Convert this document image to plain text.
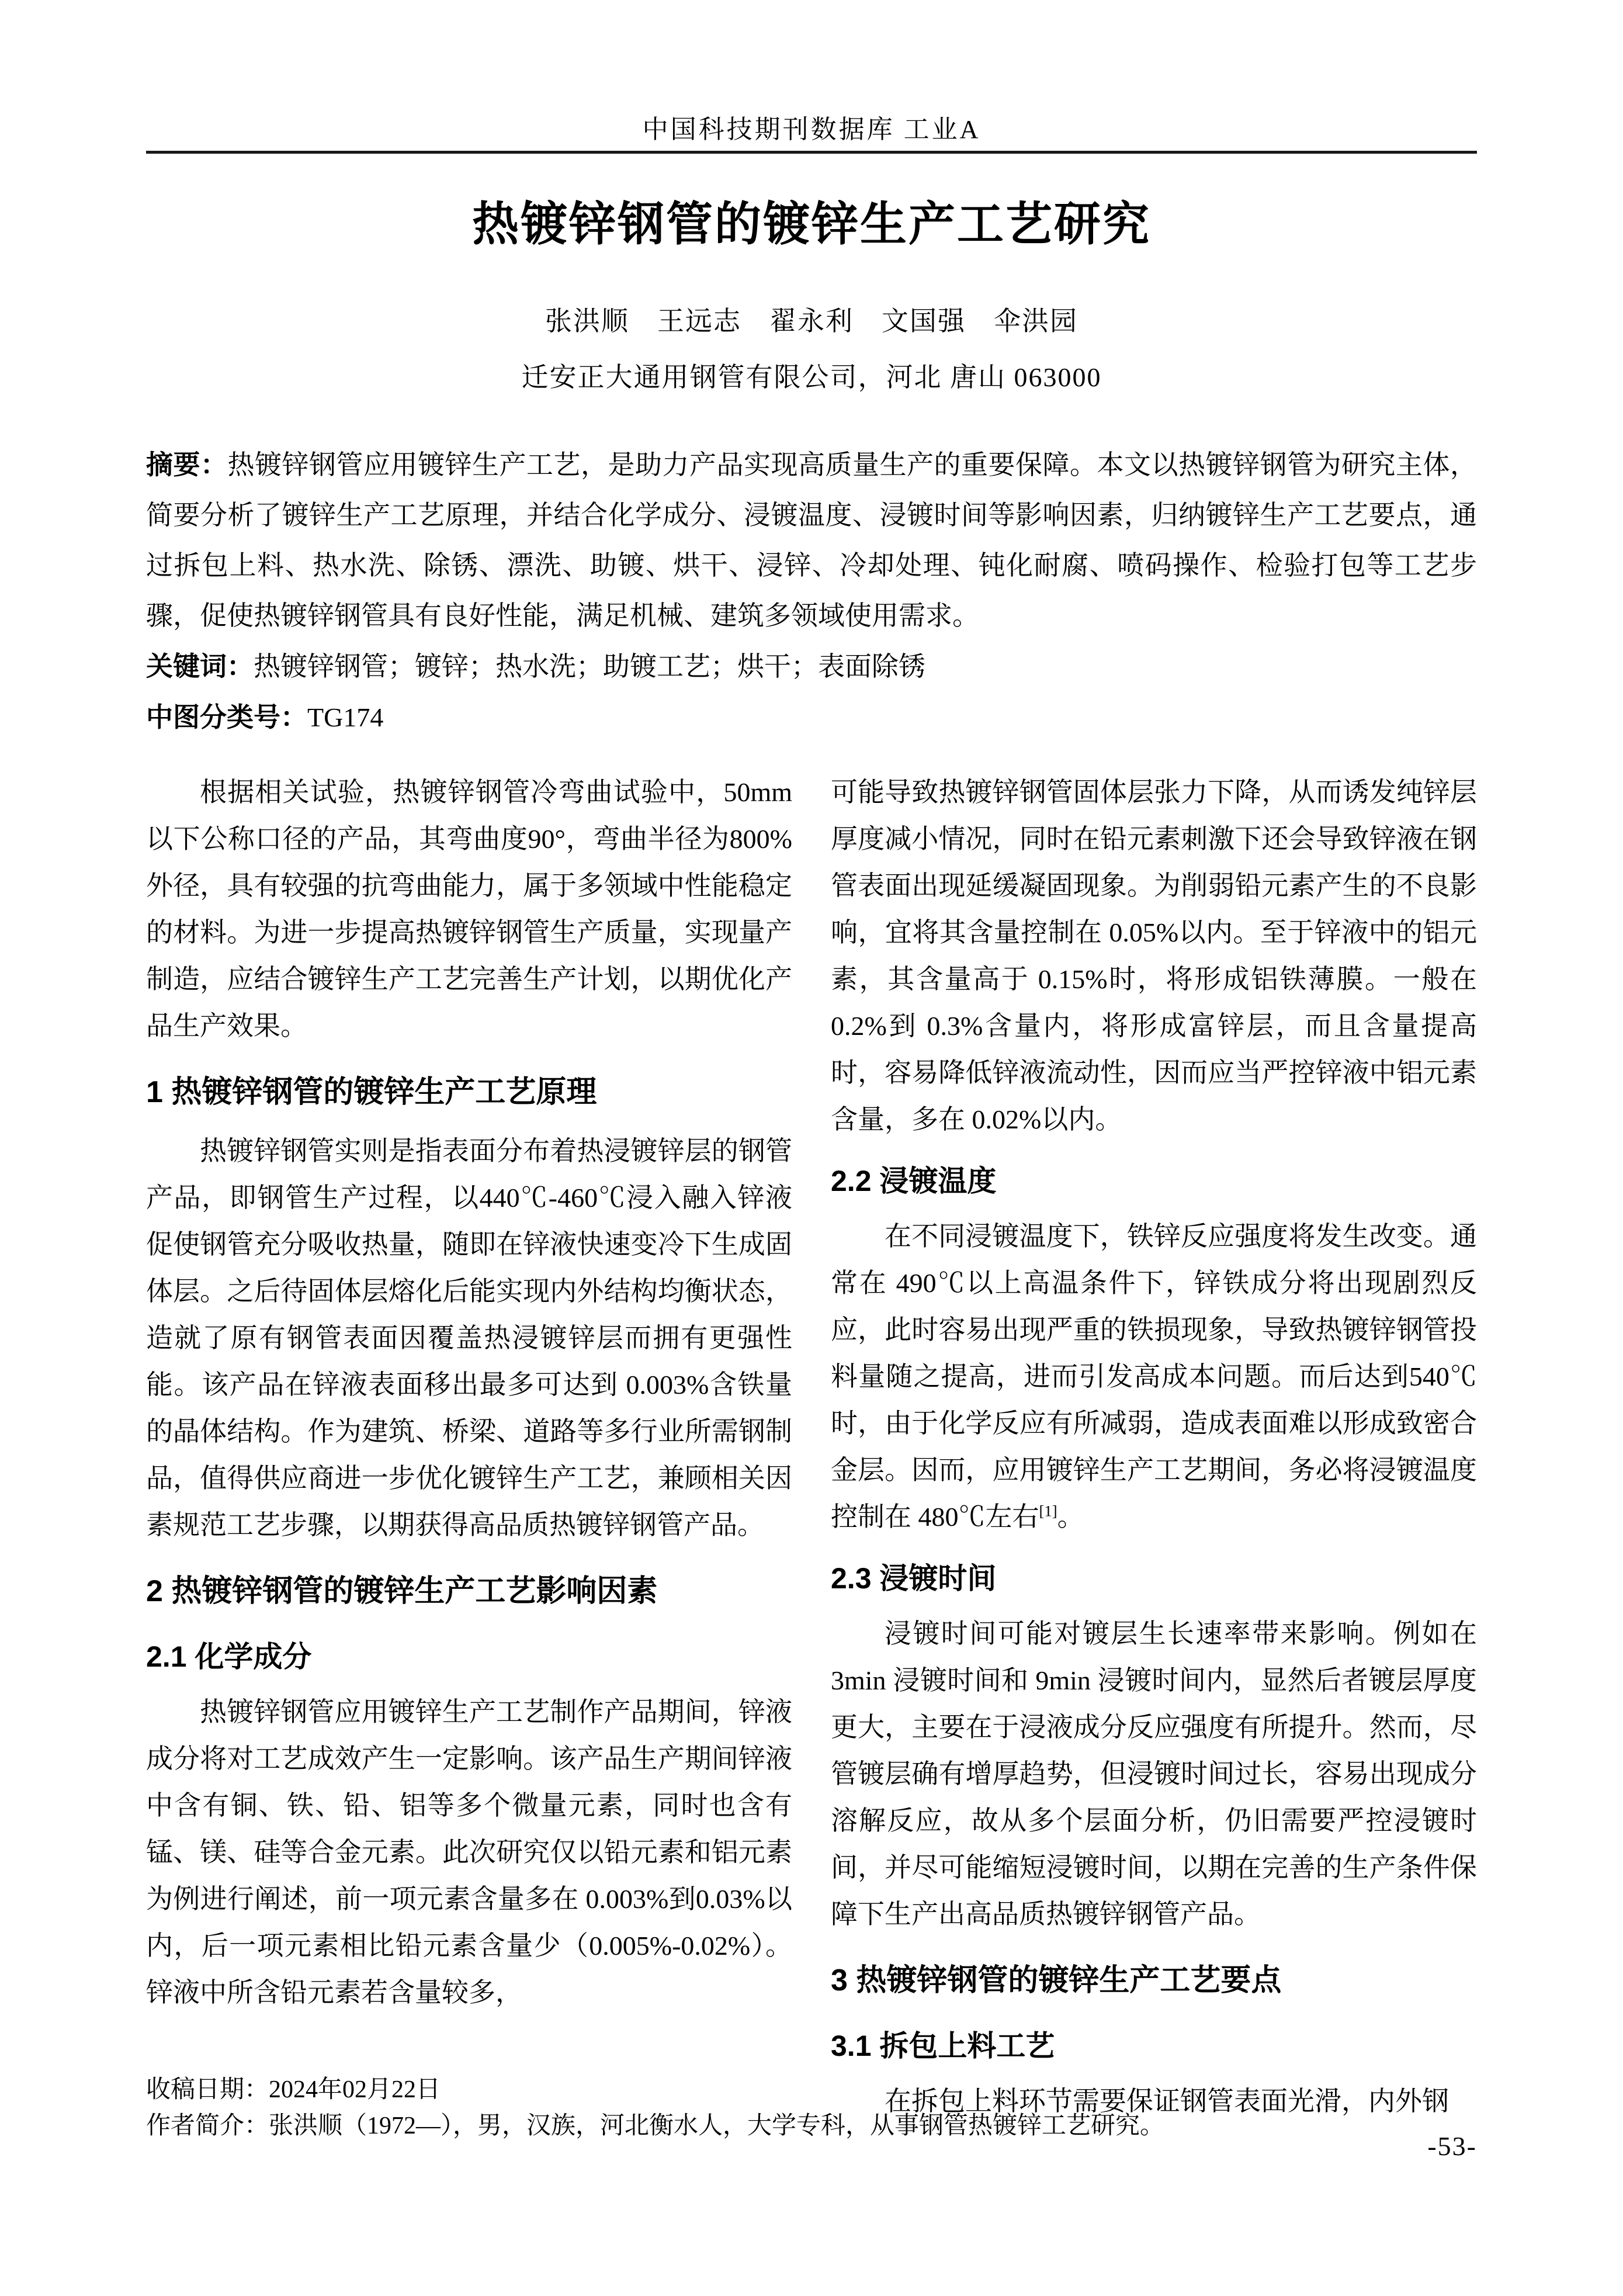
中国科技期刊数据库 工业A
热镀锌钢管的镀锌生产工艺研究
张洪顺　王远志　翟永利　文国强　伞洪园
迁安正大通用钢管有限公司，河北 唐山 063000

摘要：热镀锌钢管应用镀锌生产工艺，是助力产品实现高质量生产的重要保障。本文以热镀锌钢管为研究主体，简要分析了镀锌生产工艺原理，并结合化学成分、浸镀温度、浸镀时间等影响因素，归纳镀锌生产工艺要点，通过拆包上料、热水洗、除锈、漂洗、助镀、烘干、浸锌、冷却处理、钝化耐腐、喷码操作、检验打包等工艺步骤，促使热镀锌钢管具有良好性能，满足机械、建筑多领域使用需求。

关键词：热镀锌钢管；镀锌；热水洗；助镀工艺；烘干；表面除锈

中图分类号：TG174

根据相关试验，热镀锌钢管冷弯曲试验中，50mm以下公称口径的产品，其弯曲度90°，弯曲半径为800%外径，具有较强的抗弯曲能力，属于多领域中性能稳定的材料。为进一步提高热镀锌钢管生产质量，实现量产制造，应结合镀锌生产工艺完善生产计划，以期优化产品生产效果。

1 热镀锌钢管的镀锌生产工艺原理

热镀锌钢管实则是指表面分布着热浸镀锌层的钢管产品，即钢管生产过程，以440℃-460℃浸入融入锌液促使钢管充分吸收热量，随即在锌液快速变冷下生成固体层。之后待固体层熔化后能实现内外结构均衡状态，造就了原有钢管表面因覆盖热浸镀锌层而拥有更强性能。该产品在锌液表面移出最多可达到 0.003%含铁量的晶体结构。作为建筑、桥梁、道路等多行业所需钢制品，值得供应商进一步优化镀锌生产工艺，兼顾相关因素规范工艺步骤，以期获得高品质热镀锌钢管产品。

2 热镀锌钢管的镀锌生产工艺影响因素
2.1 化学成分

热镀锌钢管应用镀锌生产工艺制作产品期间，锌液成分将对工艺成效产生一定影响。该产品生产期间锌液中含有铜、铁、铅、铝等多个微量元素，同时也含有锰、镁、硅等合金元素。此次研究仅以铅元素和铝元素为例进行阐述，前一项元素含量多在 0.003%到0.03%以内，后一项元素相比铅元素含量少（0.005%-0.02%）。锌液中所含铅元素若含量较多，

可能导致热镀锌钢管固体层张力下降，从而诱发纯锌层厚度减小情况，同时在铅元素刺激下还会导致锌液在钢管表面出现延缓凝固现象。为削弱铅元素产生的不良影响，宜将其含量控制在 0.05%以内。至于锌液中的铝元素，其含量高于 0.15%时，将形成铝铁薄膜。一般在 0.2%到 0.3%含量内，将形成富锌层，而且含量提高时，容易降低锌液流动性，因而应当严控锌液中铝元素含量，多在 0.02%以内。

2.2 浸镀温度

在不同浸镀温度下，铁锌反应强度将发生改变。通常在 490℃以上高温条件下，锌铁成分将出现剧烈反应，此时容易出现严重的铁损现象，导致热镀锌钢管投料量随之提高，进而引发高成本问题。而后达到540℃时，由于化学反应有所减弱，造成表面难以形成致密合金层。因而，应用镀锌生产工艺期间，务必将浸镀温度控制在 480℃左右[1]。

2.3 浸镀时间

浸镀时间可能对镀层生长速率带来影响。例如在3min 浸镀时间和 9min 浸镀时间内，显然后者镀层厚度更大，主要在于浸液成分反应强度有所提升。然而，尽管镀层确有增厚趋势，但浸镀时间过长，容易出现成分溶解反应，故从多个层面分析，仍旧需要严控浸镀时间，并尽可能缩短浸镀时间，以期在完善的生产条件保障下生产出高品质热镀锌钢管产品。

3 热镀锌钢管的镀锌生产工艺要点
3.1 拆包上料工艺

在拆包上料环节需要保证钢管表面光滑，内外钢

收稿日期：2024年02月22日

作者简介：张洪顺（1972—），男，汉族，河北衡水人，大学专科，从事钢管热镀锌工艺研究。

-53-
